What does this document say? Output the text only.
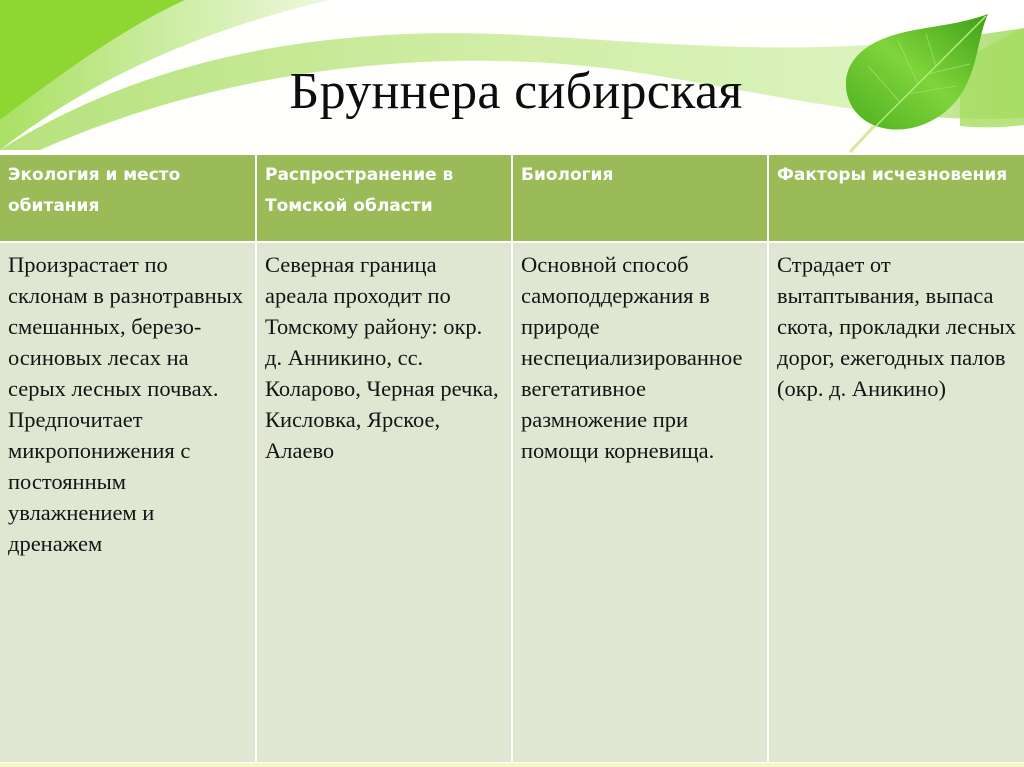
Бруннера сибирская
Экология и место обитания	Распространение в Томской области	Биология	Факторы исчезновения
Произрастает по склонам в разнотравных смешанных, березо-осиновых лесах на серых лесных почвах. Предпочитает микропонижения с постоянным увлажнением и дренажем	Северная граница ареала проходит по Томскому району: окр. д. Анникино, сс. Коларово, Черная речка, Кисловка, Ярское, Алаево	Основной способ самоподдержания в природе неспециализированное вегетативное размножение при помощи корневища.	Страдает от вытаптывания, выпаса скота, прокладки лесных дорог, ежегодных палов (окр. д. Аникино)
